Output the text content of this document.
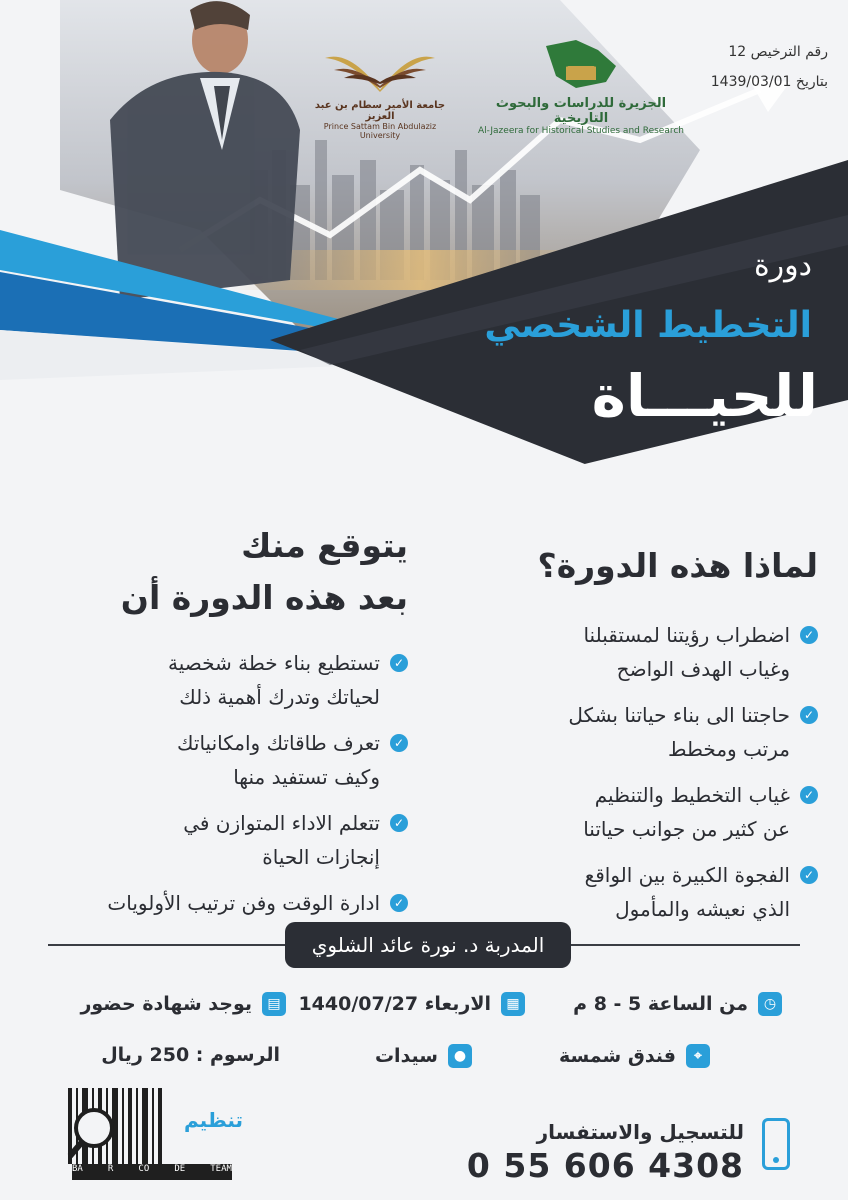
رقم الترخيص 12
بتاريخ 1439/03/01
الجزيرة للدراسات والبحوث التاريخية
Al-Jazeera for Historical Studies and Research
جامعة الأمير سطام بن عبد العزيز
Prince Sattam Bin Abdulaziz University
دورة
التخطيط الشخصي
للحيـــاة
لماذا هذه الدورة؟
✓
اضطراب رؤيتنا لمستقبلنا
وغياب الهدف الواضح
✓
حاجتنا الى بناء حياتنا بشكل
مرتب ومخطط
✓
غياب التخطيط والتنظيم
عن كثير من جوانب حياتنا
✓
الفجوة الكبيرة بين الواقع
الذي نعيشه والمأمول
يتوقع منك
بعد هذه الدورة أن
✓
تستطيع بناء خطة شخصية
لحياتك وتدرك أهمية ذلك
✓
تعرف طاقاتك وامكانياتك
وكيف تستفيد منها
✓
تتعلم الاداء المتوازن في
إنجازات الحياة
✓
ادارة الوقت وفن ترتيب الأولويات
المدربة د. نورة عائد الشلوي
◷
من الساعة 5 - 8 م
▦
الاربعاء 1440/07/27
▤
يوجد شهادة حضور
⌖
فندق شمسة
●
سيدات
الرسوم : 250 ريال
للتسجيل والاستفسار
0 55 606 4308
تنظيم
BA	R	CO	DE	TEAM
